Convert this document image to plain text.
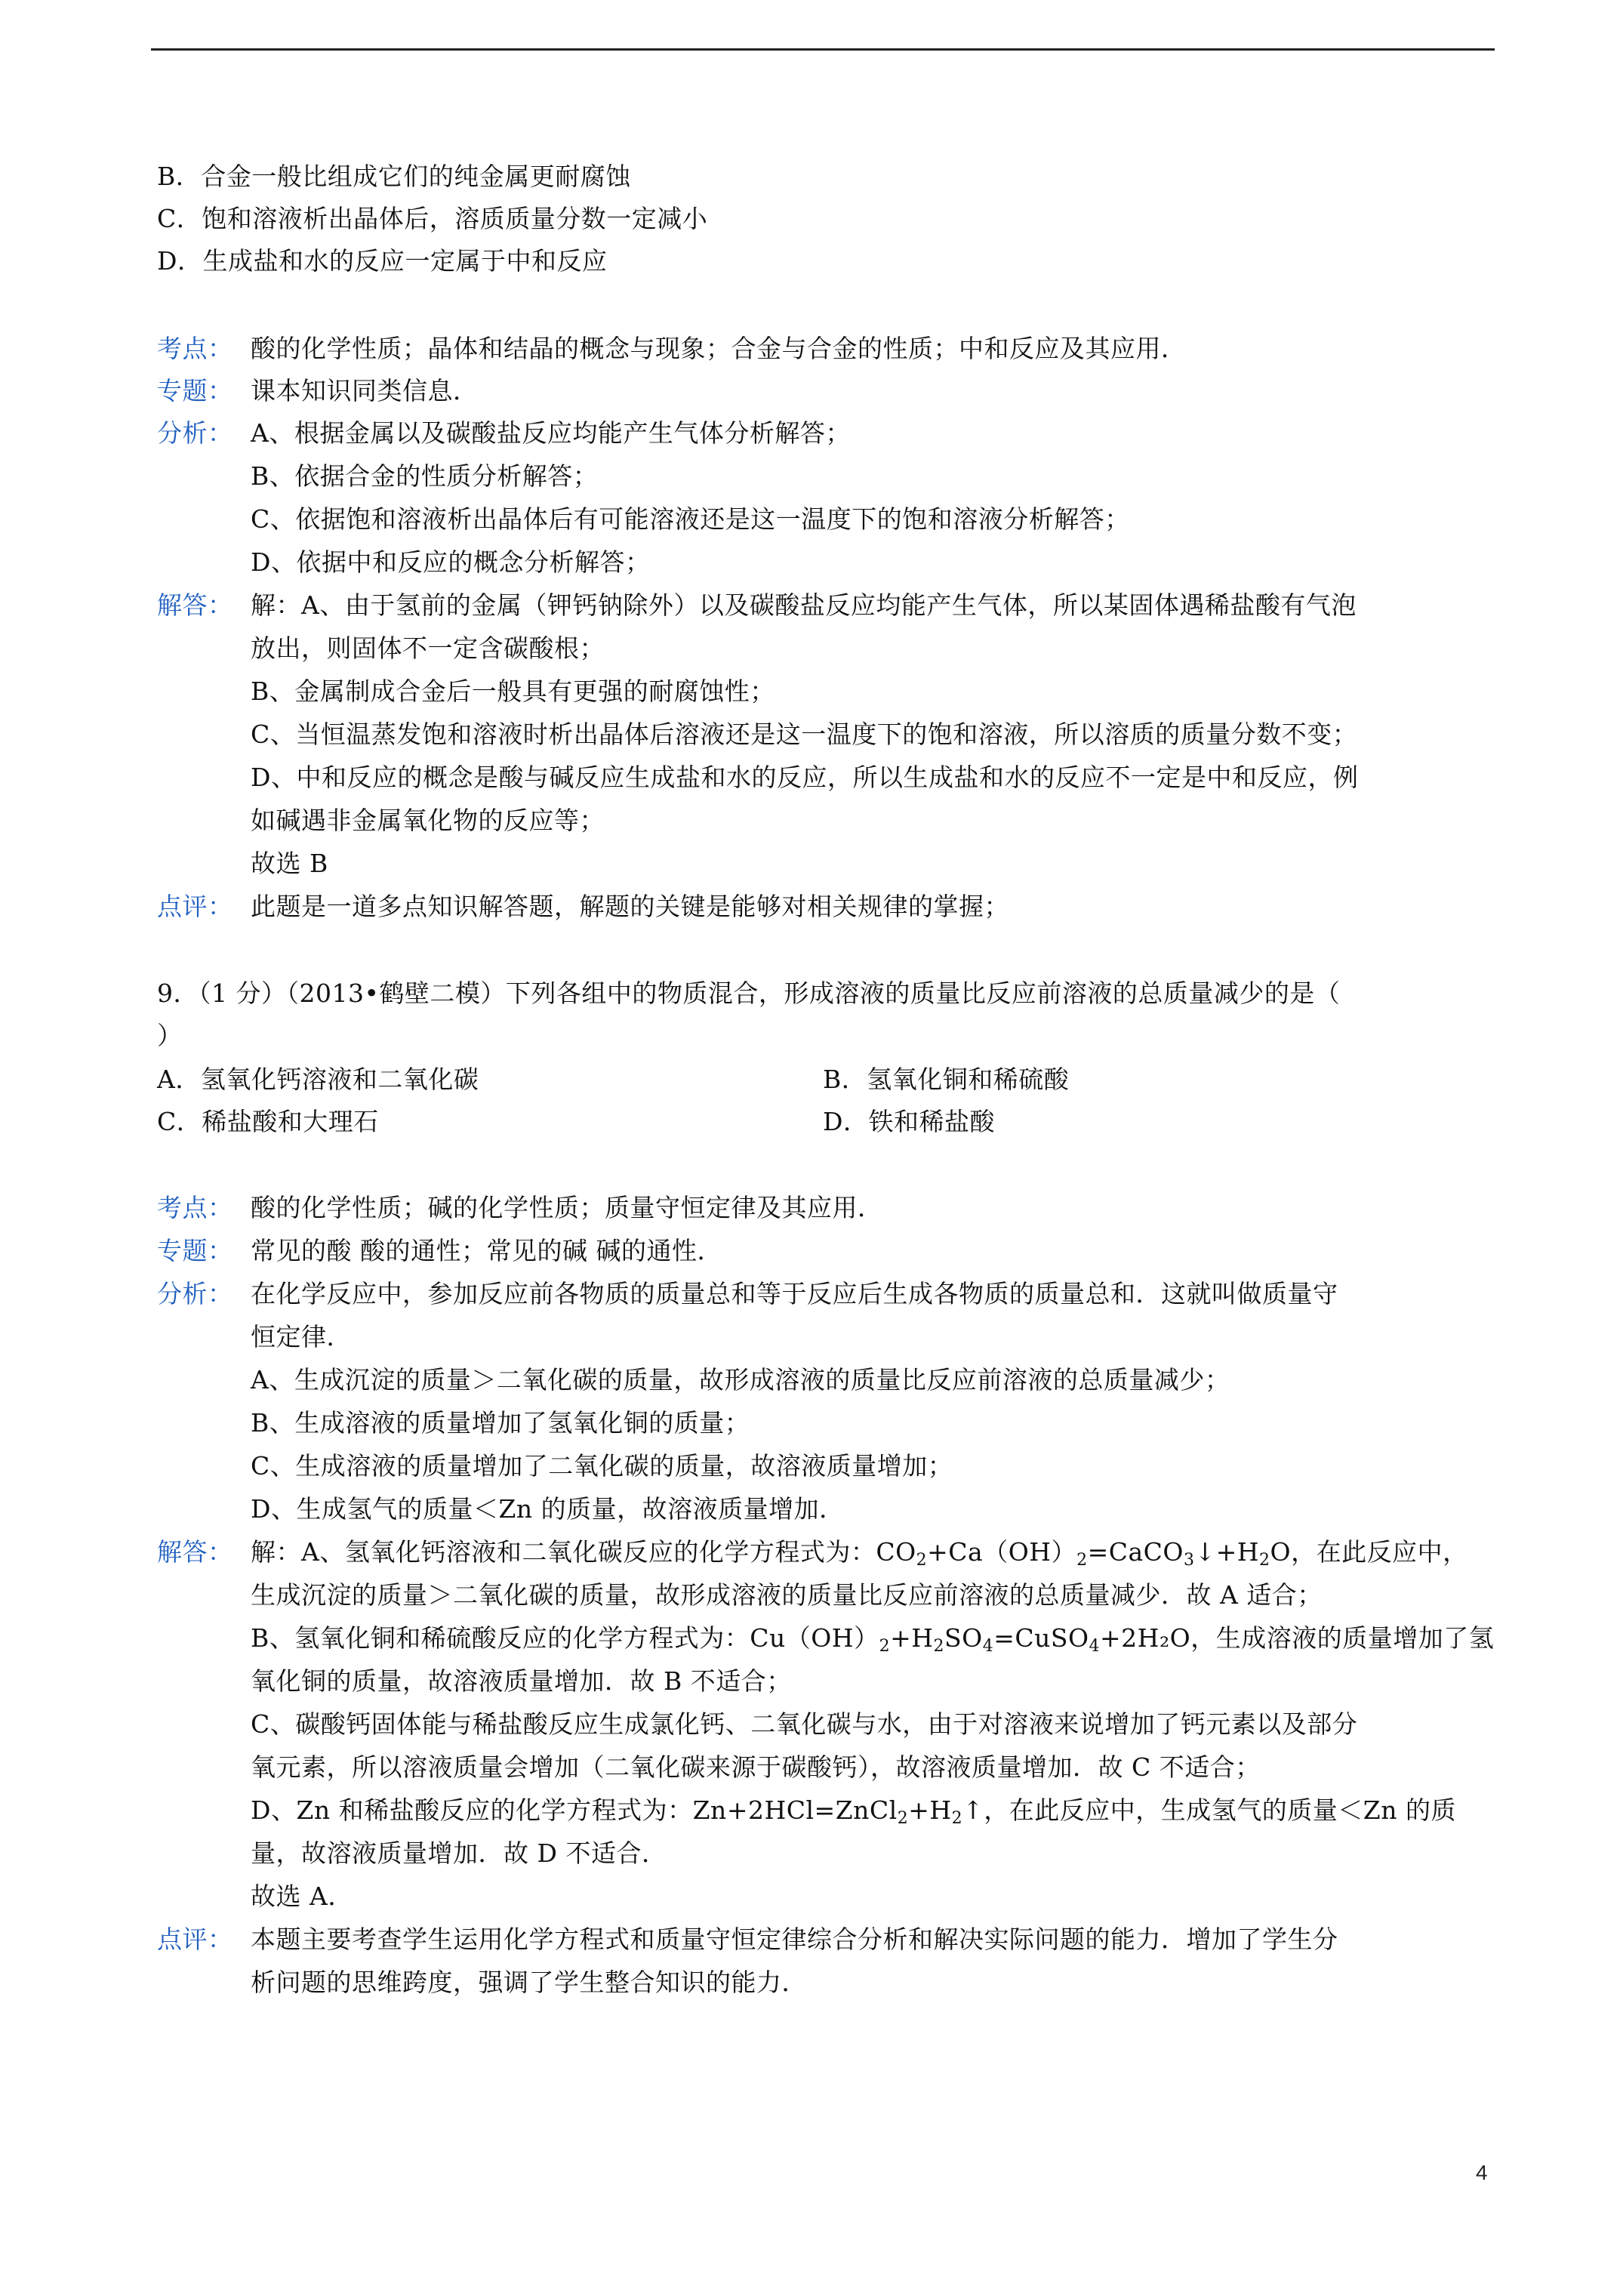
B．合金一般比组成它们的纯金属更耐腐蚀
C．饱和溶液析出晶体后，溶质质量分数一定减小
D．生成盐和水的反应一定属于中和反应
考点： 酸的化学性质；晶体和结晶的概念与现象；合金与合金的性质；中和反应及其应用．
专题： 课本知识同类信息．
分析： A、根据金属以及碳酸盐反应均能产生气体分析解答；
B、依据合金的性质分析解答；
C、依据饱和溶液析出晶体后有可能溶液还是这一温度下的饱和溶液分析解答；
D、依据中和反应的概念分析解答；
解答： 解：A、由于氢前的金属（钾钙钠除外）以及碳酸盐反应均能产生气体，所以某固体遇稀盐酸有气泡
放出，则固体不一定含碳酸根；
B、金属制成合金后一般具有更强的耐腐蚀性；
C、当恒温蒸发饱和溶液时析出晶体后溶液还是这一温度下的饱和溶液，所以溶质的质量分数不变；
D、中和反应的概念是酸与碱反应生成盐和水的反应，所以生成盐和水的反应不一定是中和反应，例
如碱遇非金属氧化物的反应等；
故选 B
点评： 此题是一道多点知识解答题，解题的关键是能够对相关规律的掌握；
9．（1 分）（2013•鹤壁二模）下列各组中的物质混合，形成溶液的质量比反应前溶液的总质量减少的是（
）
A．氢氧化钙溶液和二氧化碳	B．氢氧化铜和稀硫酸
C．稀盐酸和大理石	D．铁和稀盐酸
考点： 酸的化学性质；碱的化学性质；质量守恒定律及其应用．
专题： 常见的酸 酸的通性；常见的碱 碱的通性．
分析： 在化学反应中，参加反应前各物质的质量总和等于反应后生成各物质的质量总和．这就叫做质量守
恒定律．
A、生成沉淀的质量＞二氧化碳的质量，故形成溶液的质量比反应前溶液的总质量减少；
B、生成溶液的质量增加了氢氧化铜的质量；
C、生成溶液的质量增加了二氧化碳的质量，故溶液质量增加；
D、生成氢气的质量＜Zn 的质量，故溶液质量增加．
解答： 解：A、氢氧化钙溶液和二氧化碳反应的化学方程式为：$CO_2+Ca(OH)_2=CaCO_3↓+H_2O$，在此反应中，
生成沉淀的质量＞二氧化碳的质量，故形成溶液的质量比反应前溶液的总质量减少．故 A 适合；
B、氢氧化铜和稀硫酸反应的化学方程式为：$Cu(OH)_2+H_2SO_4=CuSO_4+2H_2O$，生成溶液的质量增加了氢
氧化铜的质量，故溶液质量增加．故 B 不适合；
C、碳酸钙固体能与稀盐酸反应生成氯化钙、二氧化碳与水，由于对溶液来说增加了钙元素以及部分
氧元素，所以溶液质量会增加（二氧化碳来源于碳酸钙），故溶液质量增加．故 C 不适合；
D、Zn 和稀盐酸反应的化学方程式为：$Zn+2HCl=ZnCl_2+H_2↑$，在此反应中，生成氢气的质量＜Zn 的质
量，故溶液质量增加．故 D 不适合．
故选 A．
点评： 本题主要考查学生运用化学方程式和质量守恒定律综合分析和解决实际问题的能力．增加了学生分
析问题的思维跨度，强调了学生整合知识的能力．
4
